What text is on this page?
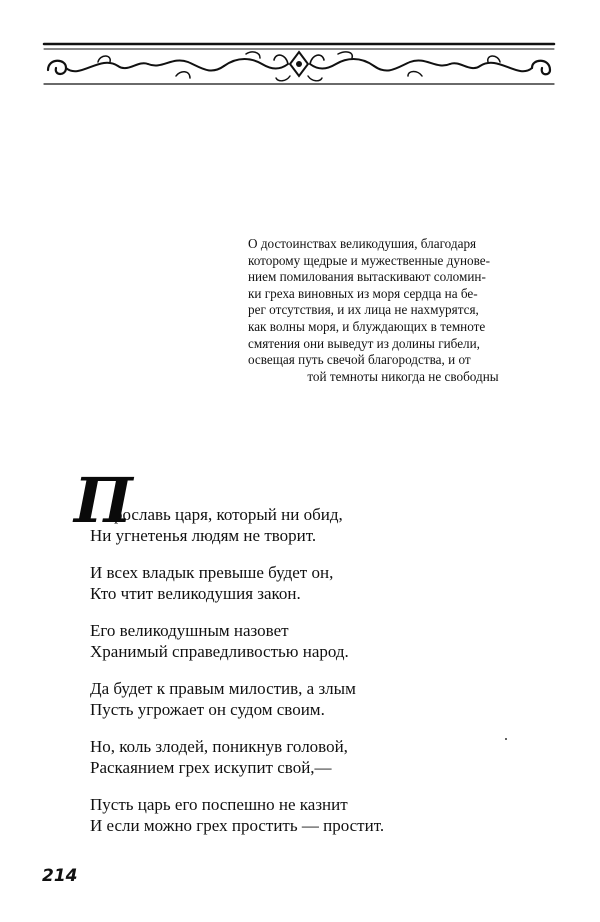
О достоинствах великодушия, благодаря
которому щедрые и мужественные дунове-
нием помилования вытаскивают соломин-
ки греха виновных из моря сердца на бе-
рег отсутствия, и их лица не нахмурятся,
как волны моря, и блуждающих в темноте
смятения они выведут из долины гибели,
освещая путь свечой благородства, и от
той темноты никогда не свободны
П
рославь царя, который ни обид,
Ни угнетенья людям не творит.
И всех владык превыше будет он,
Кто чтит великодушия закон.
Его великодушным назовет
Хранимый справедливостью народ.
Да будет к правым милостив, а злым
Пусть угрожает он судом своим.
Но, коль злодей, поникнув головой,
Раскаянием грех искупит свой,—
Пусть царь его поспешно не казнит
И если можно грех простить — простит.
214
